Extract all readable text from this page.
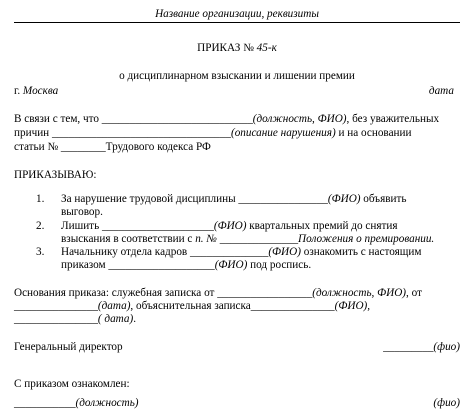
Название организации, реквизиты
ПРИКАЗ № 45-к
о дисциплинарном взыскании и лишении премии
г. Москва	дата
В связи с тем, что ___________________________(должность, ФИО), без уважительных
причин ________________________________(описание нарушения) и на основании
статьи № ________Трудового кодекса РФ
ПРИКАЗЫВАЮ:
1. За нарушение трудовой дисциплины ________________(ФИО) объявить
выговор.
2. Лишить ____________________(ФИО) квартальных премий до снятия
взыскания в соответствии с п. № ______________Положения о премировании.
3. Начальнику отдела кадров ______________(ФИО) ознакомить с настоящим
приказом ___________________(ФИО) под роспись.
Основания приказа: служебная записка от _________________(должность, ФИО), от
_______________(дата), объяснительная записка_______________(ФИО),
_______________( дата).
Генеральный директор	_________(фио)
С приказом ознакомлен:
___________(должность)	(фио)
